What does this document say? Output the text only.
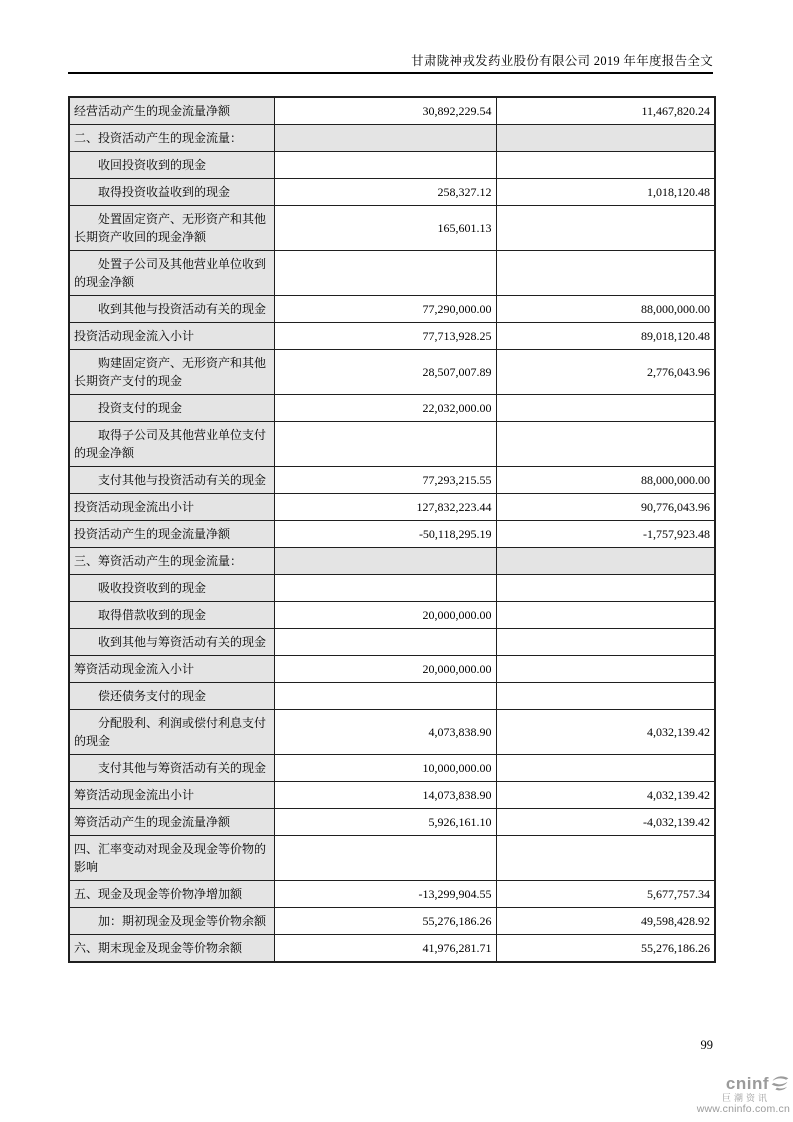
甘肃陇神戎发药业股份有限公司 2019 年年度报告全文
经营活动产生的现金流量净额	30,892,229.54	11,467,820.24
二、投资活动产生的现金流量：		
收回投资收到的现金		
取得投资收益收到的现金	258,327.12	1,018,120.48
处置固定资产、无形资产和其他长期资产收回的现金净额	165,601.13	
处置子公司及其他营业单位收到的现金净额		
收到其他与投资活动有关的现金	77,290,000.00	88,000,000.00
投资活动现金流入小计	77,713,928.25	89,018,120.48
购建固定资产、无形资产和其他长期资产支付的现金	28,507,007.89	2,776,043.96
投资支付的现金	22,032,000.00	
取得子公司及其他营业单位支付的现金净额		
支付其他与投资活动有关的现金	77,293,215.55	88,000,000.00
投资活动现金流出小计	127,832,223.44	90,776,043.96
投资活动产生的现金流量净额	-50,118,295.19	-1,757,923.48
三、筹资活动产生的现金流量：		
吸收投资收到的现金		
取得借款收到的现金	20,000,000.00	
收到其他与筹资活动有关的现金		
筹资活动现金流入小计	20,000,000.00	
偿还债务支付的现金		
分配股利、利润或偿付利息支付的现金	4,073,838.90	4,032,139.42
支付其他与筹资活动有关的现金	10,000,000.00	
筹资活动现金流出小计	14,073,838.90	4,032,139.42
筹资活动产生的现金流量净额	5,926,161.10	-4,032,139.42
四、汇率变动对现金及现金等价物的影响		
五、现金及现金等价物净增加额	-13,299,904.55	5,677,757.34
加：期初现金及现金等价物余额	55,276,186.26	49,598,428.92
六、期末现金及现金等价物余额	41,976,281.71	55,276,186.26
99
cninf
巨潮资讯
www.cninfo.com.cn
